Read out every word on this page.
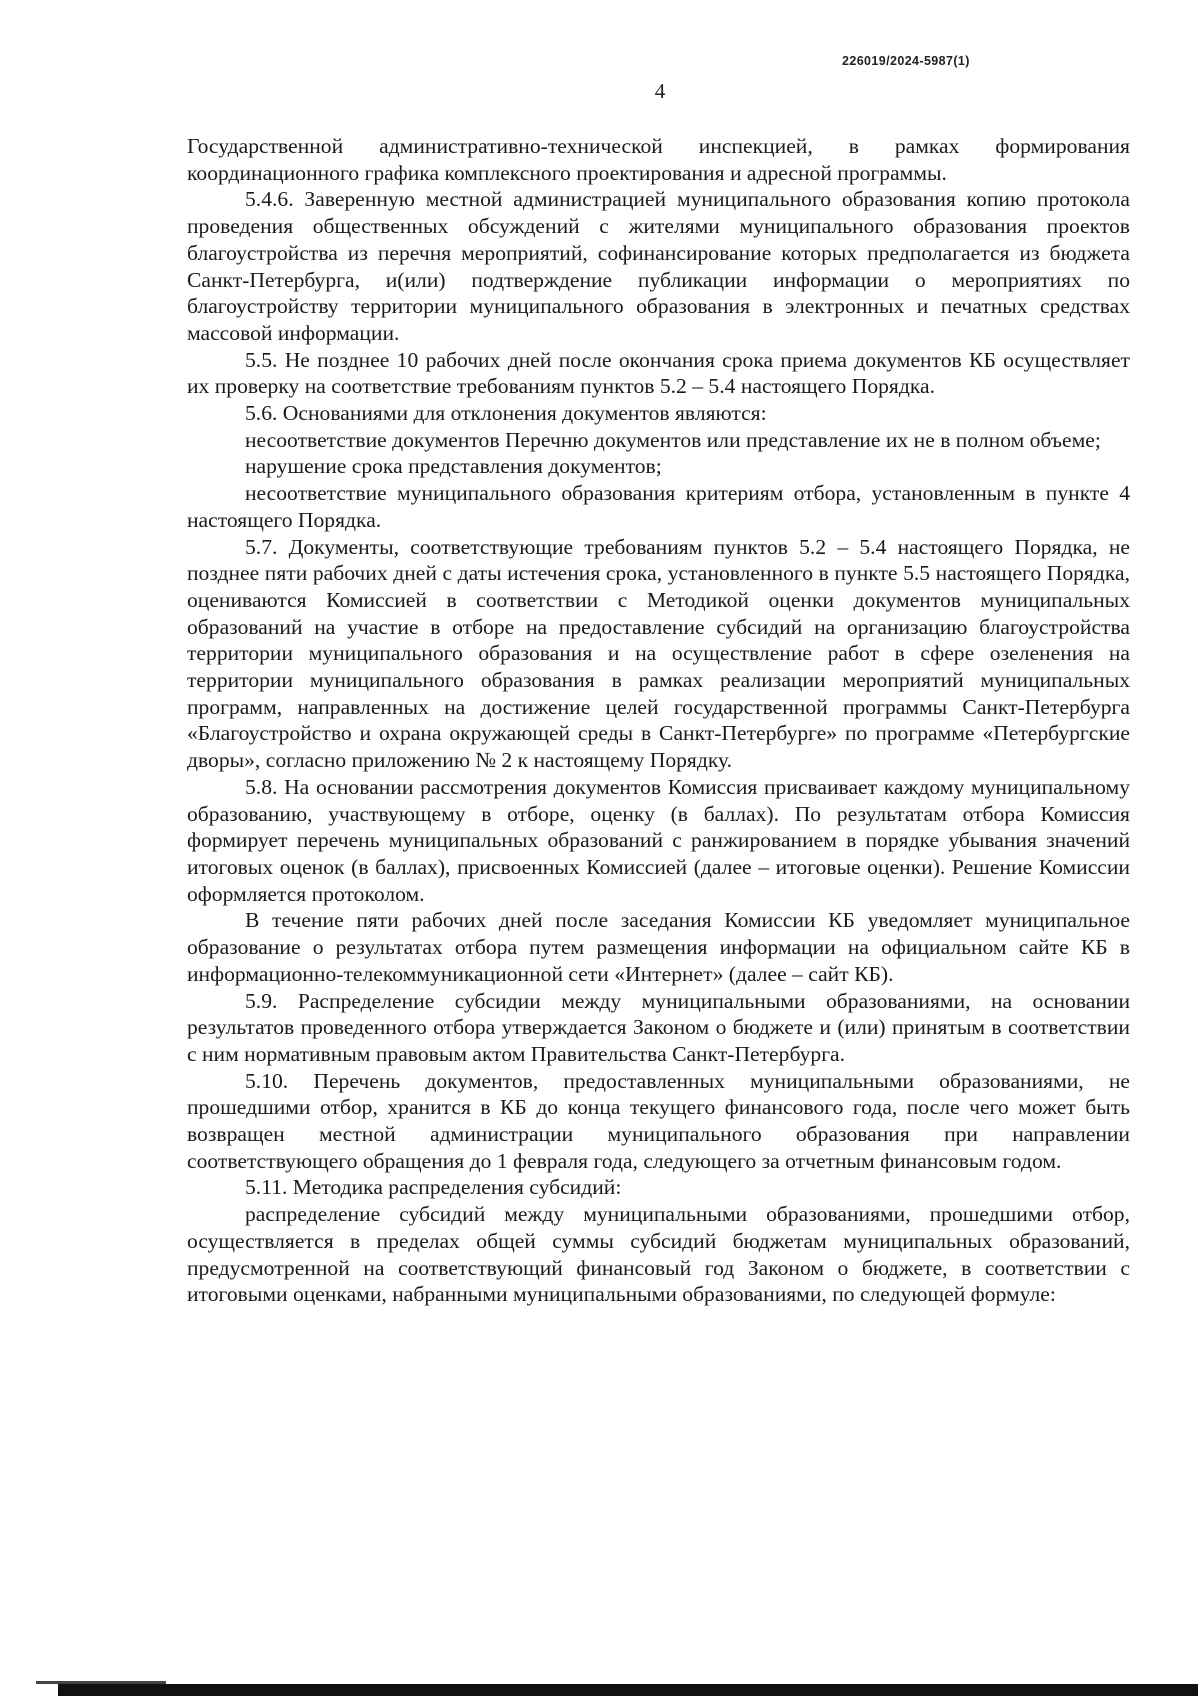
226019/2024-5987(1)
4

Государственной административно-технической инспекцией, в рамках формирования координационного графика комплексного проектирования и адресной программы.

5.4.6. Заверенную местной администрацией муниципального образования копию протокола проведения общественных обсуждений с жителями муниципального образования проектов благоустройства из перечня мероприятий, софинансирование которых предполагается из бюджета Санкт-Петербурга, и(или) подтверждение публикации информации о мероприятиях по благоустройству территории муниципального образования в электронных и печатных средствах массовой информации.

5.5. Не позднее 10 рабочих дней после окончания срока приема документов КБ осуществляет их проверку на соответствие требованиям пунктов 5.2 – 5.4 настоящего Порядка.

5.6. Основаниями для отклонения документов являются:

несоответствие документов Перечню документов или представление их не в полном объеме;

нарушение срока представления документов;

несоответствие муниципального образования критериям отбора, установленным в пункте 4 настоящего Порядка.

5.7. Документы, соответствующие требованиям пунктов 5.2 – 5.4 настоящего Порядка, не позднее пяти рабочих дней с даты истечения срока, установленного в пункте 5.5 настоящего Порядка, оцениваются Комиссией в соответствии с Методикой оценки документов муниципальных образований на участие в отборе на предоставление субсидий на организацию благоустройства территории муниципального образования и на осуществление работ в сфере озеленения на территории муниципального образования в рамках реализации мероприятий муниципальных программ, направленных на достижение целей государственной программы Санкт-Петербурга «Благоустройство и охрана окружающей среды в Санкт-Петербурге» по программе «Петербургские дворы», согласно приложению № 2 к настоящему Порядку.

5.8. На основании рассмотрения документов Комиссия присваивает каждому муниципальному образованию, участвующему в отборе, оценку (в баллах). По результатам отбора Комиссия формирует перечень муниципальных образований с ранжированием в порядке убывания значений итоговых оценок (в баллах), присвоенных Комиссией (далее – итоговые оценки). Решение Комиссии оформляется протоколом.

В течение пяти рабочих дней после заседания Комиссии КБ уведомляет муниципальное образование о результатах отбора путем размещения информации на официальном сайте КБ в информационно-телекоммуникационной сети «Интернет» (далее – сайт КБ).

5.9. Распределение субсидии между муниципальными образованиями, на основании результатов проведенного отбора утверждается Законом о бюджете и (или) принятым в соответствии с ним нормативным правовым актом Правительства Санкт-Петербурга.

5.10. Перечень документов, предоставленных муниципальными образованиями, не прошедшими отбор, хранится в КБ до конца текущего финансового года, после чего может быть возвращен местной администрации муниципального образования при направлении соответствующего обращения до 1 февраля года, следующего за отчетным финансовым годом.

5.11. Методика распределения субсидий:

распределение субсидий между муниципальными образованиями, прошедшими отбор, осуществляется в пределах общей суммы субсидий бюджетам муниципальных образований, предусмотренной на соответствующий финансовый год Законом о бюджете, в соответствии с итоговыми оценками, набранными муниципальными образованиями, по следующей формуле:
